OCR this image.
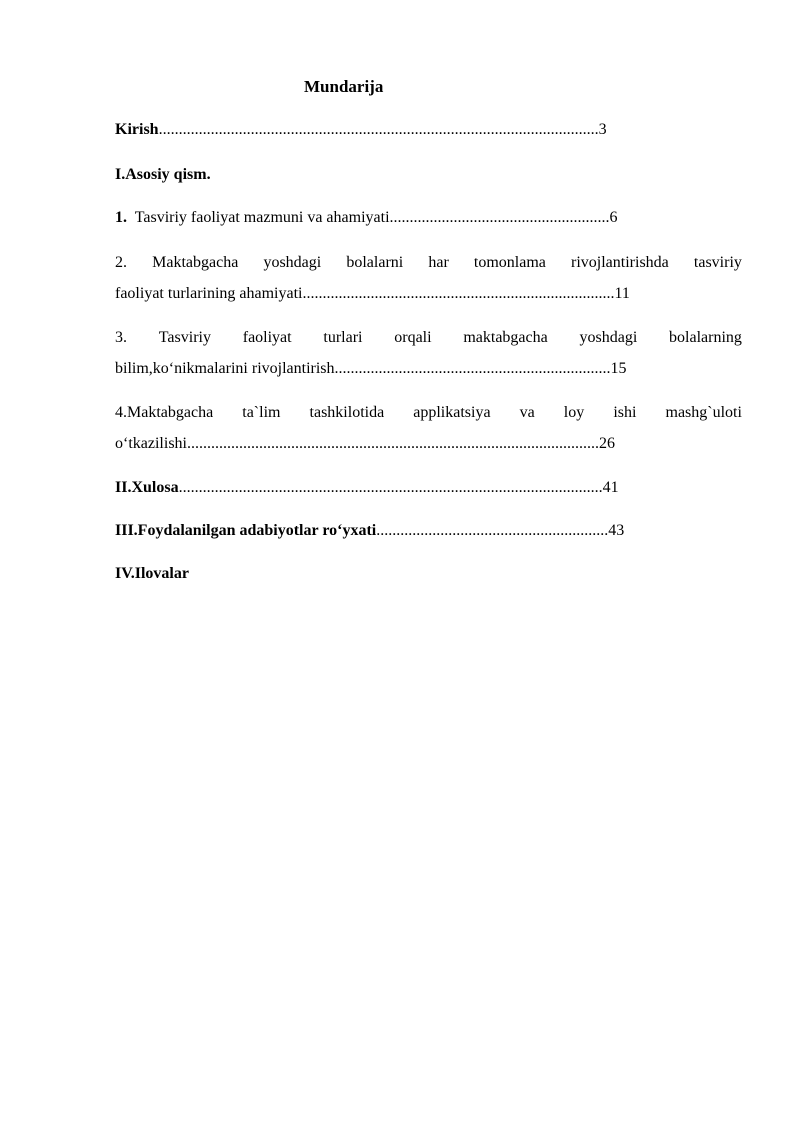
Mundarija
Kirish..............................................................................................................3
I.Asosiy qism.
1. Tasviriy faoliyat mazmuni va ahamiyati.......................................................6
2. Maktabgacha yoshdagi bolalarni har tomonlama rivojlantirishda tasviriy
faoliyat turlarining ahamiyati..............................................................................11
3. Tasviriy faoliyat turlari orqali maktabgacha yoshdagi bolalarning
bilim,ko‘nikmalarini rivojlantirish.....................................................................15
4.Maktabgacha ta`lim tashkilotida applikatsiya va loy ishi mashg`uloti
o‘tkazilishi.......................................................................................................26
II.Xulosa..........................................................................................................41
III.Foydalanilgan adabiyotlar ro‘yxati..........................................................43
IV.Ilovalar
